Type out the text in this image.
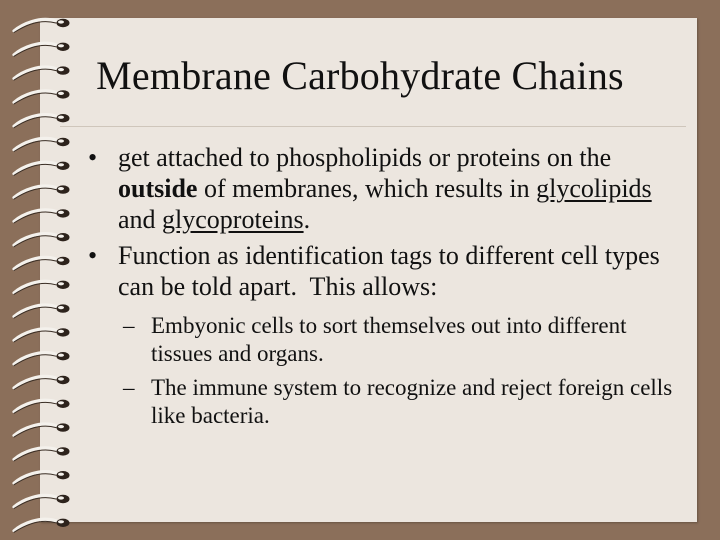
Membrane Carbohydrate Chains
• get attached to phospholipids or proteins on the outside of membranes, which results in glycolipids and glycoproteins.
• Function as identification tags to different cell types can be told apart.  This allows:
– Embyonic cells to sort themselves out into different tissues and organs.
– The immune system to recognize and reject foreign cells like bacteria.
